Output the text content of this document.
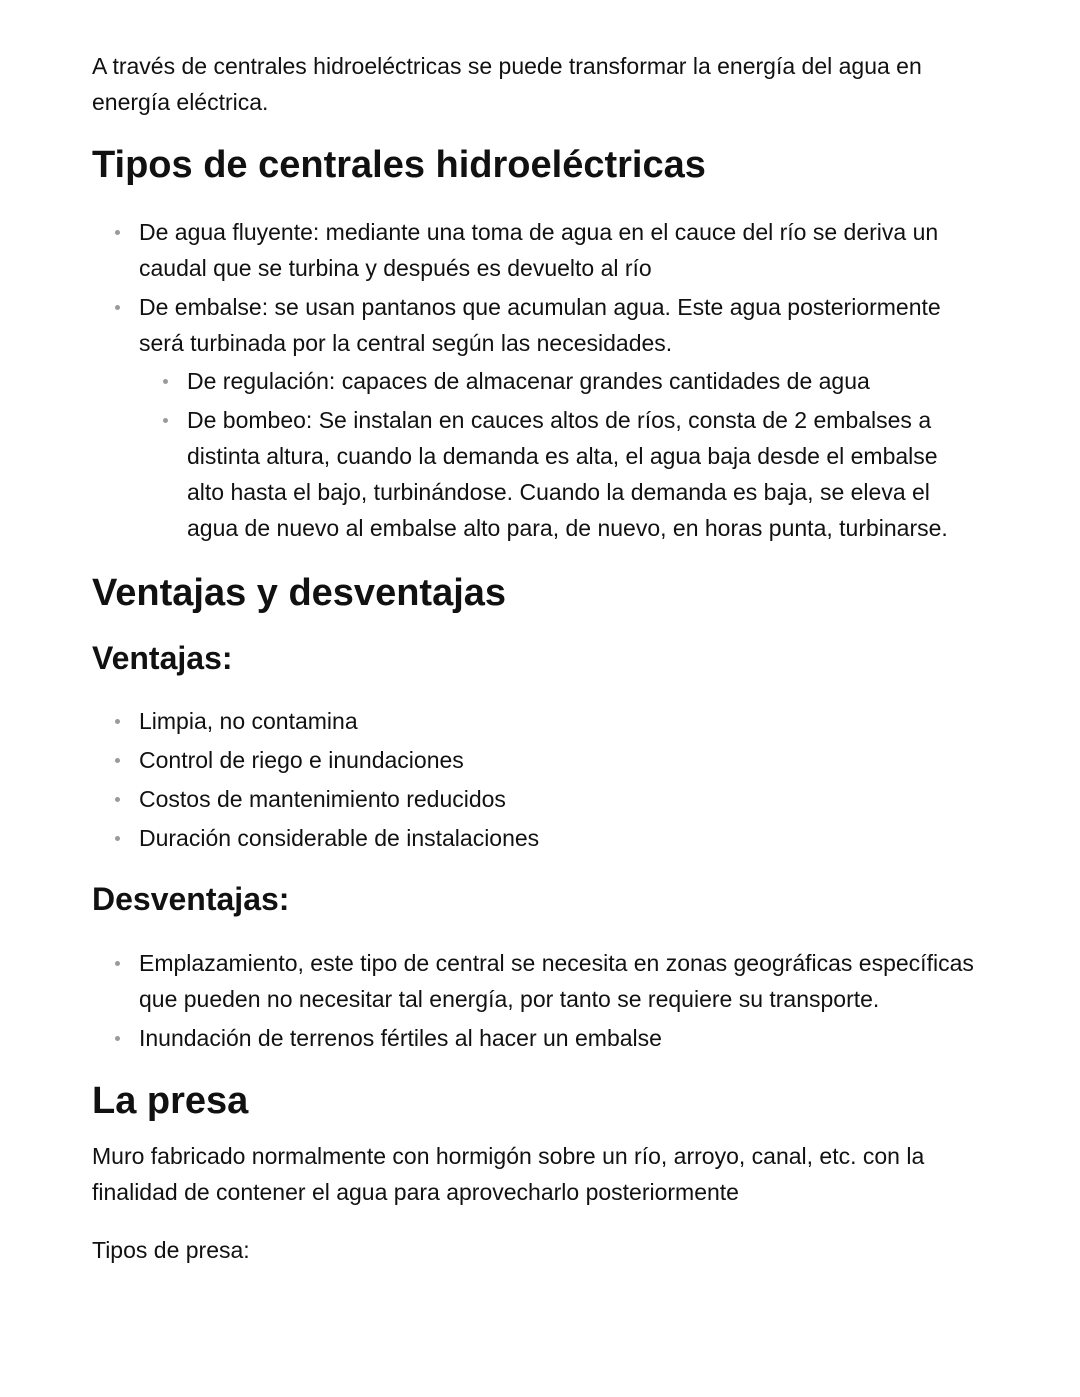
A través de centrales hidroeléctricas se puede transformar la energía del agua en energía eléctrica.

Tipos de centrales hidroeléctricas
De agua fluyente: mediante una toma de agua en el cauce del río se deriva un caudal que se turbina y después es devuelto al río
De embalse: se usan pantanos que acumulan agua. Este agua posteriormente será turbinada por la central según las necesidades.
De regulación: capaces de almacenar grandes cantidades de agua
De bombeo: Se instalan en cauces altos de ríos, consta de 2 embalses a distinta altura, cuando la demanda es alta, el agua baja desde el embalse alto hasta el bajo, turbinándose. Cuando la demanda es baja, se eleva el agua de nuevo al embalse alto para, de nuevo, en horas punta, turbinarse.
Ventajas y desventajas
Ventajas:
Limpia, no contamina
Control de riego e inundaciones
Costos de mantenimiento reducidos
Duración considerable de instalaciones
Desventajas:
Emplazamiento, este tipo de central se necesita en zonas geográficas específicas que pueden no necesitar tal energía, por tanto se requiere su transporte.
Inundación de terrenos fértiles al hacer un embalse
La presa

Muro fabricado normalmente con hormigón sobre un río, arroyo, canal, etc. con la finalidad de contener el agua para aprovecharlo posteriormente

Tipos de presa:
